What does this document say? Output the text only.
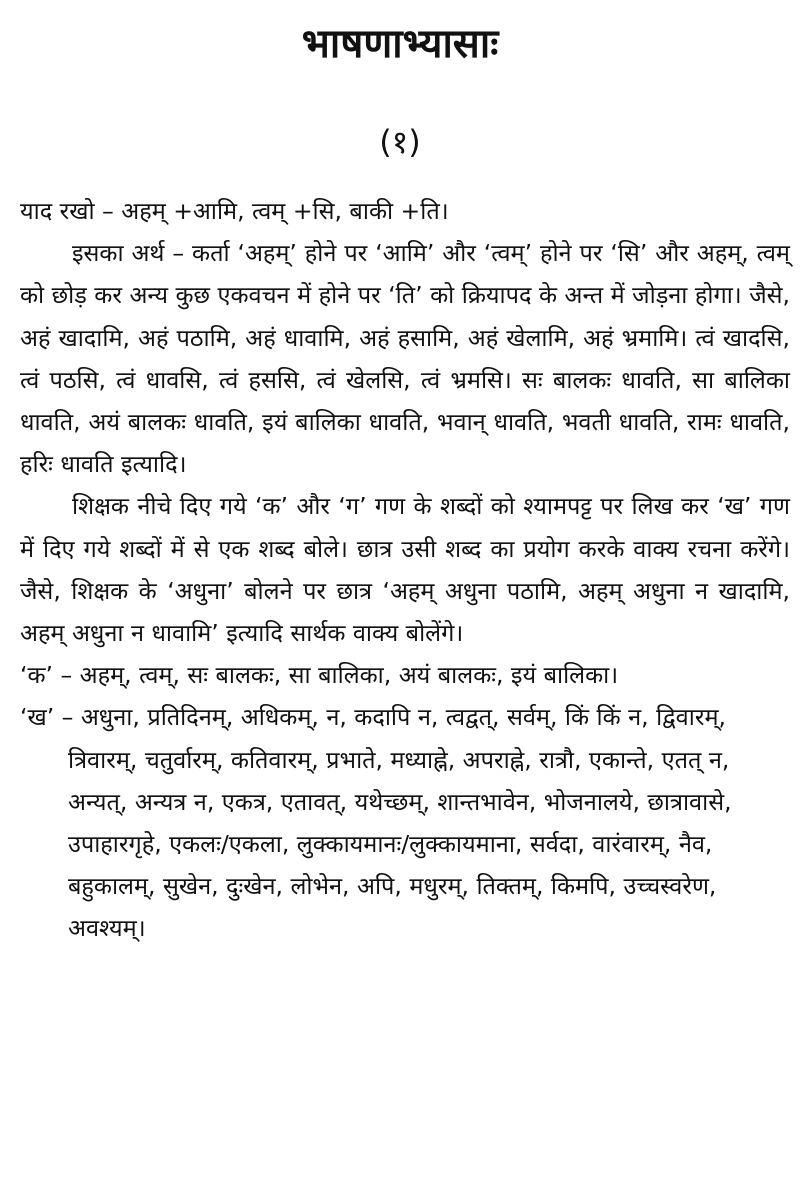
भाषणाभ्यासाः
(१)

याद रखो – अहम् +आमि, त्वम् +सि, बाकी +ति।

इसका अर्थ – कर्ता ‘अहम्’ होने पर ‘आमि’ और ‘त्वम्’ होने पर ‘सि’ और अहम्, त्वम् को छोड़ कर अन्य कुछ एकवचन में होने पर ‘ति’ को क्रियापद के अन्त में जोड़ना होगा। जैसे, अहं खादामि, अहं पठामि, अहं धावामि, अहं हसामि, अहं खेलामि, अहं भ्रमामि। त्वं खादसि, त्वं पठसि, त्वं धावसि, त्वं हससि, त्वं खेलसि, त्वं भ्रमसि। सः बालकः धावति, सा बालिका धावति, अयं बालकः धावति, इयं बालिका धावति, भवान् धावति, भवती धावति, रामः धावति, हरिः धावति इत्यादि।

शिक्षक नीचे दिए गये ‘क’ और ‘ग’ गण के शब्दों को श्यामपट्ट पर लिख कर ‘ख’ गण में दिए गये शब्दों में से एक शब्द बोले। छात्र उसी शब्द का प्रयोग करके वाक्य रचना करेंगे। जैसे, शिक्षक के ‘अधुना’ बोलने पर छात्र ‘अहम् अधुना पठामि, अहम् अधुना न खादामि, अहम् अधुना न धावामि’ इत्यादि सार्थक वाक्य बोलेंगे।

‘क’ – अहम्, त्वम्, सः बालकः, सा बालिका, अयं बालकः, इयं बालिका।

‘ख’ – अधुना, प्रतिदिनम्, अधिकम्, न, कदापि न, त्वद्वत्, सर्वम्, किं किं न, द्विवारम्, त्रिवारम्, चतुर्वारम्, कतिवारम्, प्रभाते, मध्याह्ने, अपराह्ने, रात्रौ, एकान्ते, एतत् न, अन्यत्, अन्यत्र न, एकत्र, एतावत्, यथेच्छम्, शान्तभावेन, भोजनालये, छात्रावासे, उपाहारगृहे, एकलः/एकला, लुक्कायमानः/लुक्कायमाना, सर्वदा, वारंवारम्, नैव, बहुकालम्, सुखेन, दुःखेन, लोभेन, अपि, मधुरम्, तिक्तम्, किमपि, उच्चस्वरेण, अवश्यम्।
